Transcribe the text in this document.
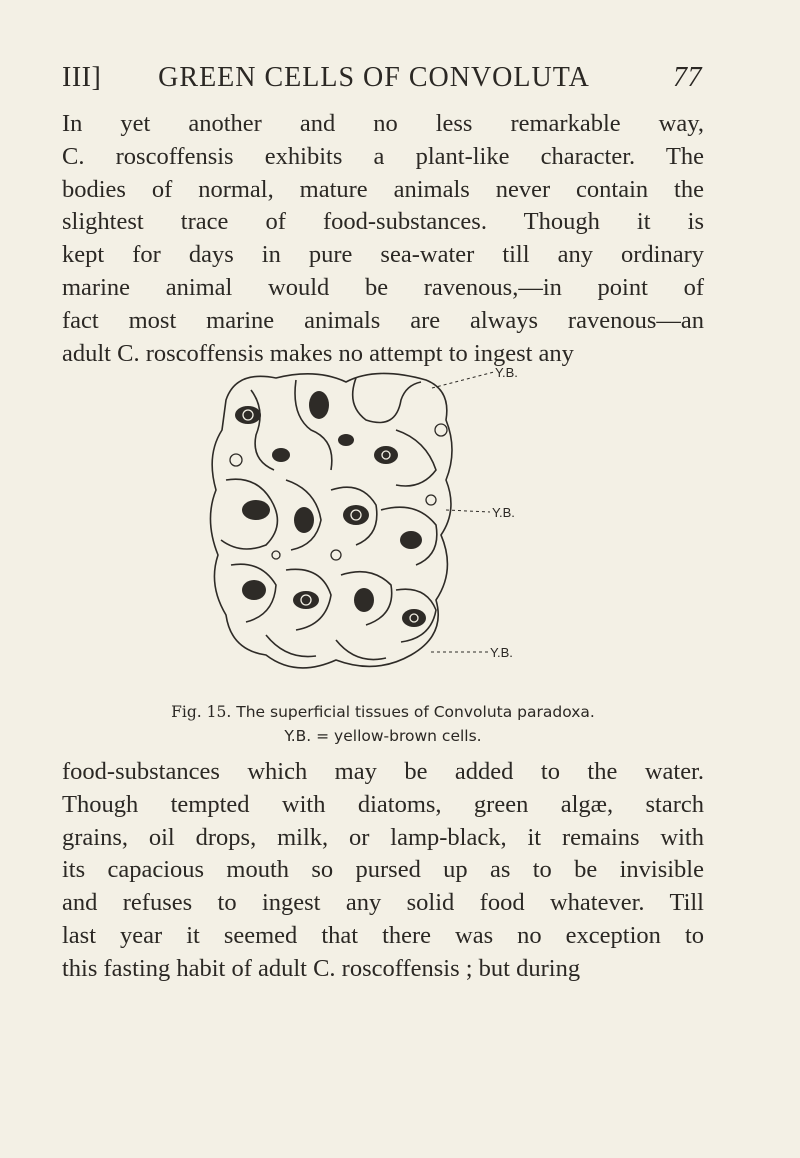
III]	GREEN CELLS OF CONVOLUTA	77

In yet another and no less remarkable way,
C. roscoffensis exhibits a plant-like character. The
bodies of normal, mature animals never contain the
slightest trace of food-substances. Though it is
kept for days in pure sea-water till any ordinary
marine animal would be ravenous,—in point of
fact most marine animals are always ravenous—an
adult C. roscoffensis makes no attempt to ingest any

Y.B.
Y.B.
Y.B.
Fig. 15. The superficial tissues of Convoluta paradoxa.
Y.B. = yellow-brown cells.

food-substances which may be added to the water.
Though tempted with diatoms, green algæ, starch
grains, oil drops, milk, or lamp-black, it remains with
its capacious mouth so pursed up as to be invisible
and refuses to ingest any solid food whatever. Till
last year it seemed that there was no exception to
this fasting habit of adult C. roscoffensis ; but during
